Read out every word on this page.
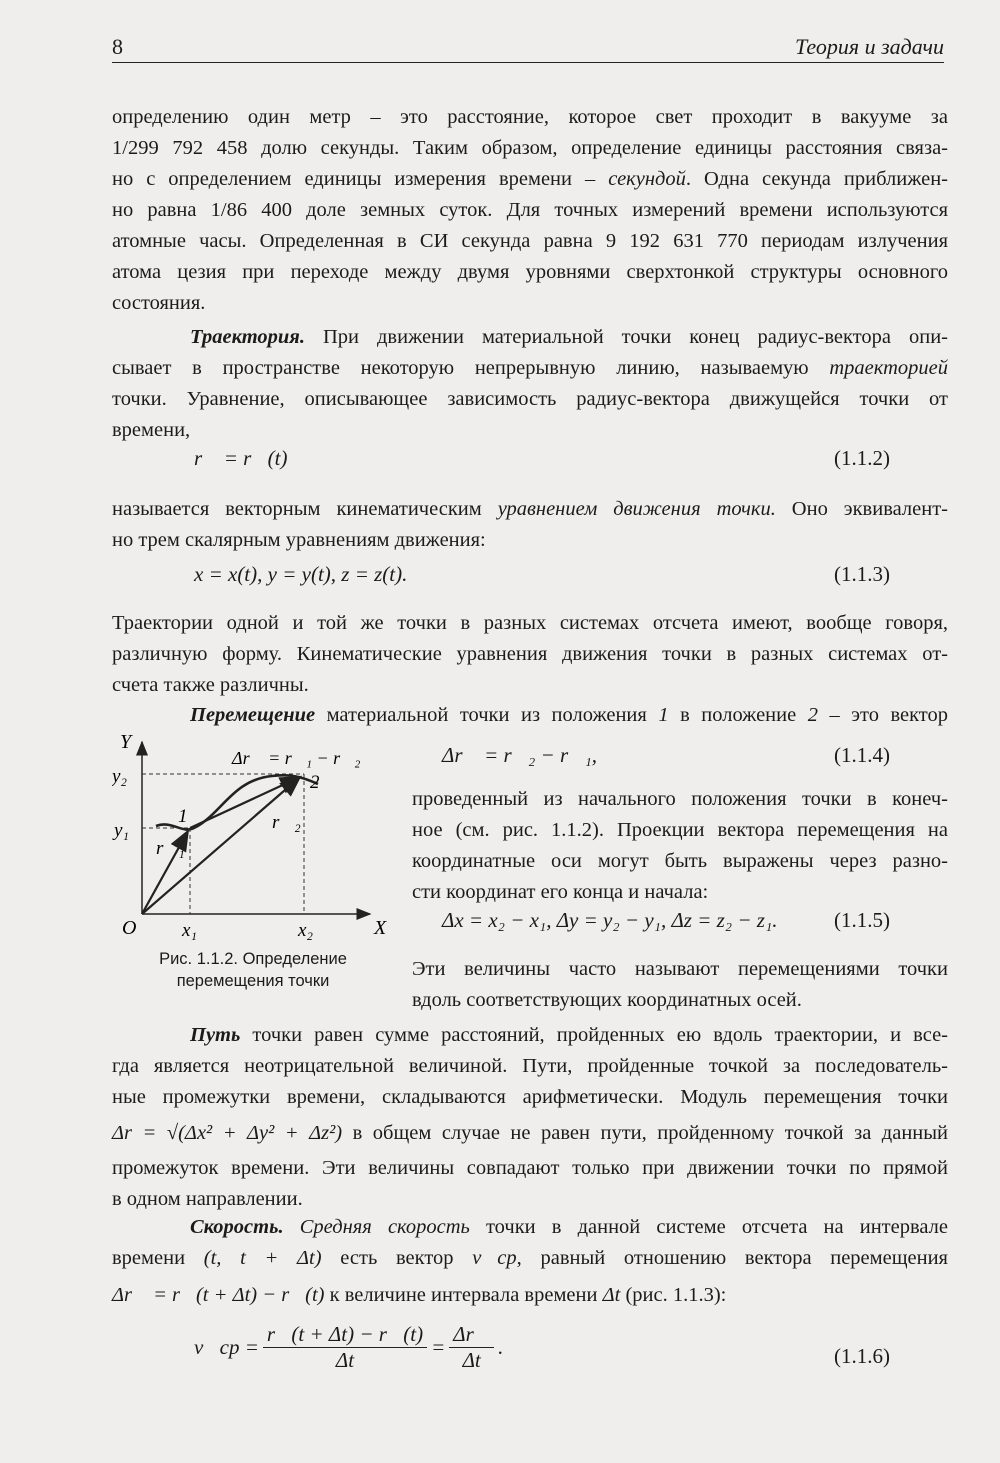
8	Теория и задачи
определению один метр – это расстояние, которое свет проходит в вакууме за
1/299 792 458 долю секунды. Таким образом, определение единицы расстояния связа-
но с определением единицы измерения времени – секундой. Одна секунда приближен-
но равна 1/86 400 доле земных суток. Для точных измерений времени используются
атомные часы. Определенная в СИ секунда равна 9 192 631 770 периодам излучения
атома цезия при переходе между двумя уровнями сверхтонкой структуры основного
состояния.
Траектория. При движении материальной точки конец радиус-вектора опи-
сывает в пространстве некоторую непрерывную линию, называемую траекторией
точки. Уравнение, описывающее зависимость радиус-вектора движущейся точки от
времени,
r⃗ = r⃗(t)	(1.1.2)
называется векторным кинематическим уравнением движения точки. Оно эквивалент-
но трем скалярным уравнениям движения:
x = x(t), y = y(t), z = z(t).	(1.1.3)
Траектории одной и той же точки в разных системах отсчета имеют, вообще говоря,
различную форму. Кинематические уравнения движения точки в разных системах от-
счета также различны.
Перемещение материальной точки из положения 1 в положение 2 – это вектор
Y
X
O
y₂
y₁
x₁	x₂
1
2
r⃗₁
r⃗₂
Δr⃗ = r⃗₁ − r⃗₂
Рис. 1.1.2. Определение
перемещения точки
Δr⃗ = r⃗₂ − r⃗₁,	(1.1.4)
проведенный из начального положения точки в конеч-
ное (см. рис. 1.1.2). Проекции вектора перемещения на
координатные оси могут быть выражены через разно-
сти координат его конца и начала:
Δx = x₂ − x₁, Δy = y₂ − y₁, Δz = z₂ − z₁.	(1.1.5)
Эти величины часто называют перемещениями точки
вдоль соответствующих координатных осей.
Путь точки равен сумме расстояний, пройденных ею вдоль траектории, и все-
гда является неотрицательной величиной. Пути, пройденные точкой за последователь-
ные промежутки времени, складываются арифметически. Модуль перемещения точки
Δr = √(Δx² + Δy² + Δz²) в общем случае не равен пути, пройденному точкой за данный
промежуток времени. Эти величины совпадают только при движении точки по прямой
в одном направлении.
Скорость. Средняя скорость точки в данной системе отсчета на интервале
времени (t, t + Δt) есть вектор v⃗ср, равный отношению вектора перемещения
Δr⃗ = r⃗(t + Δt) − r⃗(t) к величине интервала времени Δt (рис. 1.1.3):
v⃗ср = $\frac{r⃗(t + \Delta t) - r⃗(t)}{\Delta t} = \frac{\Delta r⃗}{\Delta t}$ .	(1.1.6)
